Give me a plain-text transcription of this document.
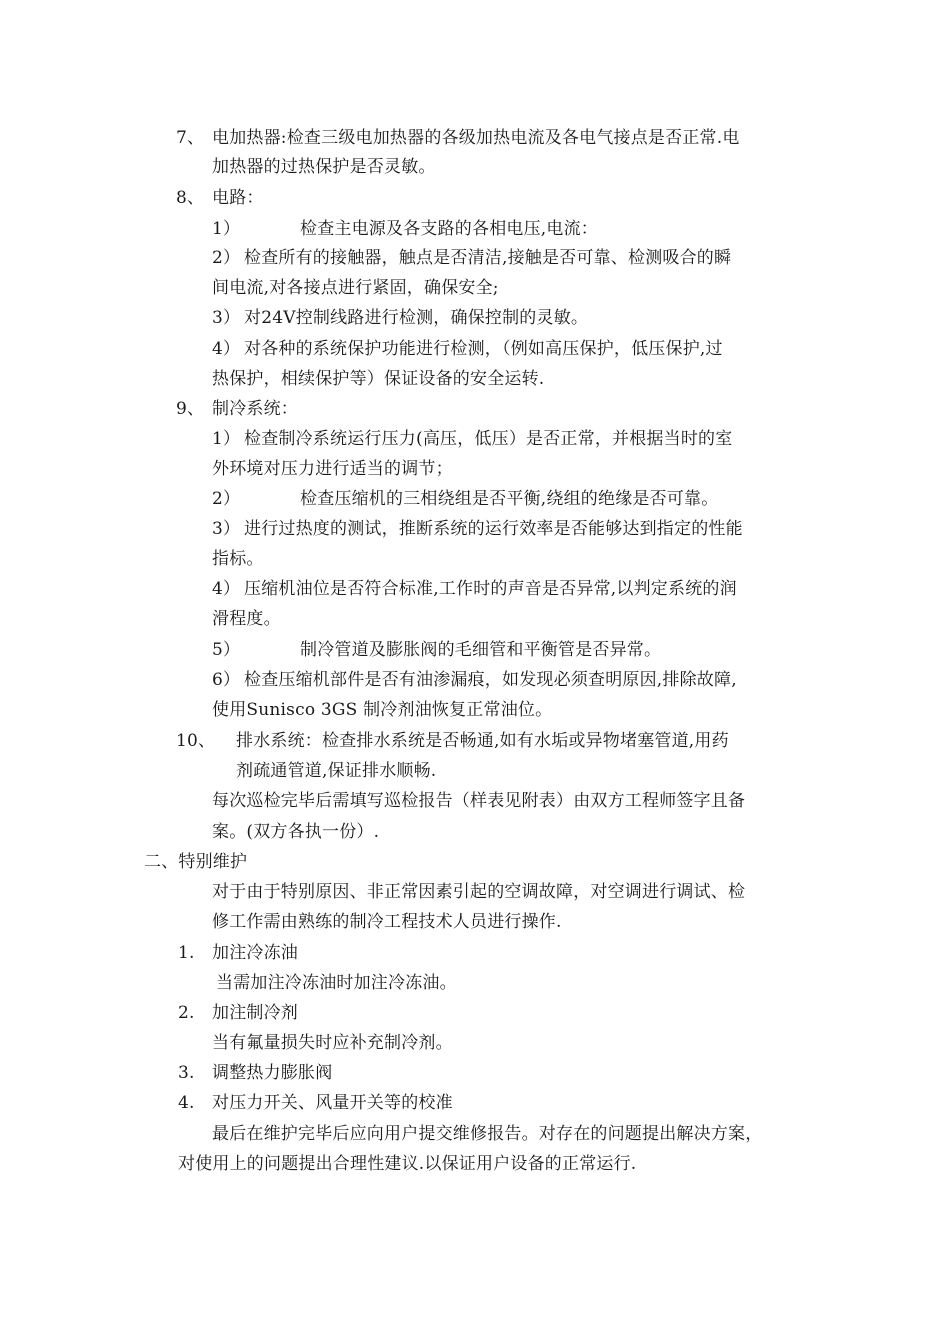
7、 电加热器:检查三级电加热器的各级加热电流及各电气接点是否正常.电
加热器的过热保护是否灵敏。
8、 电路：
1）	检查主电源及各支路的各相电压,电流：
2） 检查所有的接触器，触点是否清洁,接触是否可靠、检测吸合的瞬
间电流,对各接点进行紧固，确保安全;
3） 对24V控制线路进行检测，确保控制的灵敏。
4） 对各种的系统保护功能进行检测，（例如高压保护，低压保护,过
热保护，相续保护等）保证设备的安全运转.
9、 制冷系统：
1） 检查制冷系统运行压力(高压，低压）是否正常，并根据当时的室
外环境对压力进行适当的调节；
2）	检查压缩机的三相绕组是否平衡,绕组的绝缘是否可靠。
3） 进行过热度的测试，推断系统的运行效率是否能够达到指定的性能
指标。
4） 压缩机油位是否符合标准,工作时的声音是否异常,以判定系统的润
滑程度。
5）	制冷管道及膨胀阀的毛细管和平衡管是否异常。
6） 检查压缩机部件是否有油渗漏痕，如发现必须查明原因,排除故障,
使用Sunisco 3GS 制冷剂油恢复正常油位。
10、 排水系统：检查排水系统是否畅通,如有水垢或异物堵塞管道,用药
剂疏通管道,保证排水顺畅.
每次巡检完毕后需填写巡检报告（样表见附表）由双方工程师签字且备
案。(双方各执一份）.
二、特别维护
对于由于特别原因、非正常因素引起的空调故障，对空调进行调试、检
修工作需由熟练的制冷工程技术人员进行操作.
1. 加注冷冻油
当需加注冷冻油时加注冷冻油。
2. 加注制冷剂
当有氟量损失时应补充制冷剂。
3. 调整热力膨胀阀
4. 对压力开关、风量开关等的校准
最后在维护完毕后应向用户提交维修报告。对存在的问题提出解决方案，
对使用上的问题提出合理性建议.以保证用户设备的正常运行.
